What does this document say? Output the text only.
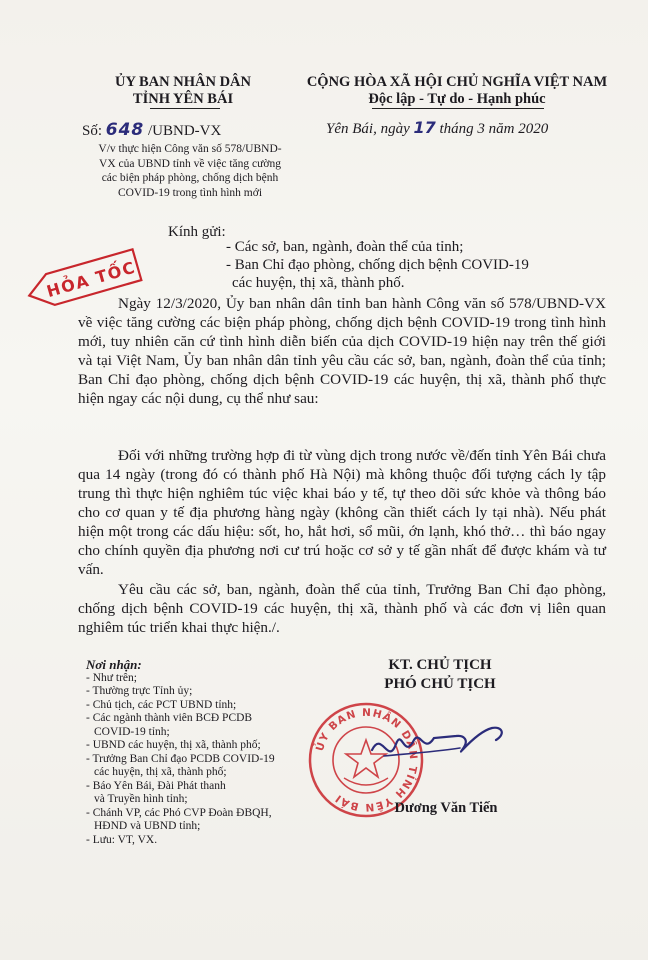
ỦY BAN NHÂN DÂN
TỈNH YÊN BÁI
CỘNG HÒA XÃ HỘI CHỦ NGHĨA VIỆT NAM
Độc lập - Tự do - Hạnh phúc
Số: 648 /UBND-VX	Yên Bái, ngày 17 tháng 3 năm 2020
V/v thực hiện Công văn số 578/UBND-
VX của UBND tỉnh về việc tăng cường
các biện pháp phòng, chống dịch bệnh
COVID-19 trong tình hình mới
HỎA TỐC
Kính gửi:
- Các sở, ban, ngành, đoàn thể của tỉnh;
- Ban Chỉ đạo phòng, chống dịch bệnh COVID-19
các huyện, thị xã, thành phố.
Ngày 12/3/2020, Ủy ban nhân dân tỉnh ban hành Công văn số 578/UBND-VX về việc tăng cường các biện pháp phòng, chống dịch bệnh COVID-19 trong tình hình mới, tuy nhiên căn cứ tình hình diễn biến của dịch COVID-19 hiện nay trên thế giới và tại Việt Nam, Ủy ban nhân dân tỉnh yêu cầu các sở, ban, ngành, đoàn thể của tỉnh; Ban Chỉ đạo phòng, chống dịch bệnh COVID-19 các huyện, thị xã, thành phố thực hiện ngay các nội dung, cụ thể như sau:
Đối với những trường hợp đi từ vùng dịch trong nước về/đến tỉnh Yên Bái chưa qua 14 ngày (trong đó có thành phố Hà Nội) mà không thuộc đối tượng cách ly tập trung thì thực hiện nghiêm túc việc khai báo y tế, tự theo dõi sức khỏe và thông báo cho cơ quan y tế địa phương hàng ngày (không cần thiết cách ly tại nhà). Nếu phát hiện một trong các dấu hiệu: sốt, ho, hắt hơi, sổ mũi, ớn lạnh, khó thở… thì báo ngay cho chính quyền địa phương nơi cư trú hoặc cơ sở y tế gần nhất để được khám và tư vấn.
Yêu cầu các sở, ban, ngành, đoàn thể của tỉnh, Trưởng Ban Chỉ đạo phòng, chống dịch bệnh COVID-19 các huyện, thị xã, thành phố và các đơn vị liên quan nghiêm túc triển khai thực hiện./.
Nơi nhận:
- Như trên;
- Thường trực Tỉnh ủy;
- Chủ tịch, các PCT UBND tỉnh;
- Các ngành thành viên BCĐ PCDB
COVID-19 tỉnh;
- UBND các huyện, thị xã, thành phố;
- Trưởng Ban Chỉ đạo PCDB COVID-19
các huyện, thị xã, thành phố;
- Báo Yên Bái, Đài Phát thanh
và Truyền hình tỉnh;
- Chánh VP, các Phó CVP Đoàn ĐBQH,
HĐND và UBND tỉnh;
- Lưu: VT, VX.
KT. CHỦ TỊCH
PHÓ CHỦ TỊCH
ỦY BAN NHÂN DÂN TỈNH YÊN BÁI
Dương Văn Tiến
